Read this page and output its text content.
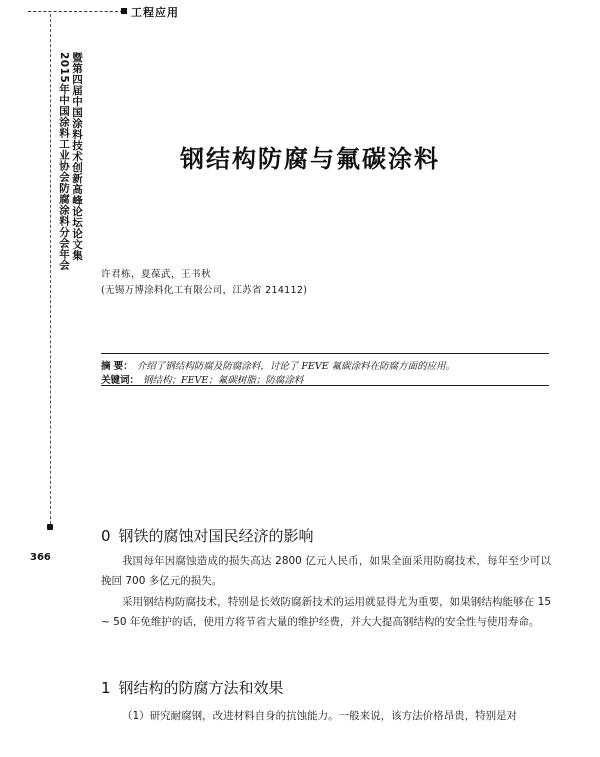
工程应用
2015年中国涂料工业协会防腐涂料分会年会 暨第四届中国涂料技术创新高峰论坛论文集
366
钢结构防腐与氟碳涂料
许君栋，夏葆武，王书秋
(无锡万博涂料化工有限公司，江苏省 214112)
摘 要： 介绍了钢结构防腐及防腐涂料，讨论了 FEVE 氟碳涂料在防腐方面的应用。
关键词： 钢结构；FEVE；氟碳树脂；防腐涂料
0 钢铁的腐蚀对国民经济的影响

我国每年因腐蚀造成的损失高达 2800 亿元人民币，如果全面采用防腐技术，每年至少可以挽回 700 多亿元的损失。

采用钢结构防腐技术，特别是长效防腐新技术的运用就显得尤为重要，如果钢结构能够在 15 ~ 50 年免维护的话，使用方将节省大量的维护经费，并大大提高钢结构的安全性与使用寿命。

1 钢结构的防腐方法和效果

（1）研究耐腐钢，改进材料自身的抗蚀能力。一般来说，该方法价格昂贵，特别是对
